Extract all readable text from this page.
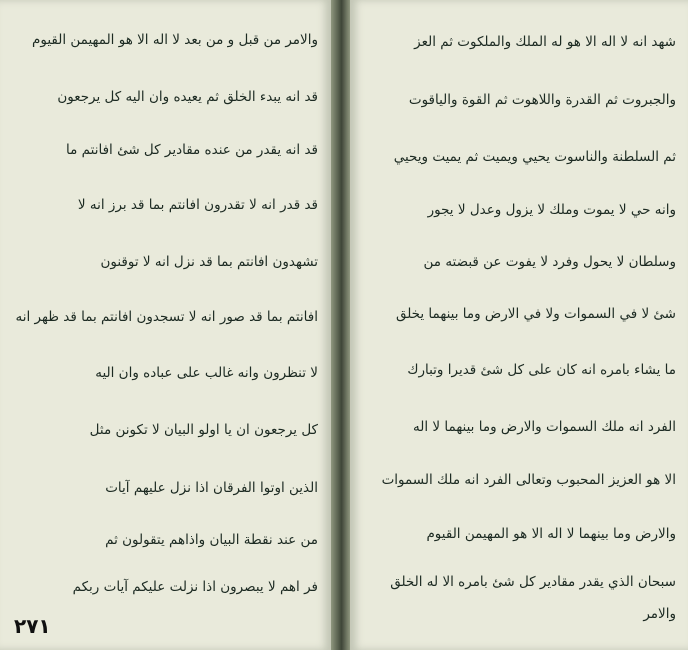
والامر من قبل و من بعد لا اله الا هو المهيمن القيوم
قد انه يبدء الخلق ثم يعيده وان اليه كل يرجعون
قد انه يقدر من عنده مقادير كل شئ افانتم ما
قد قدر انه لا تقدرون افانتم بما قد برز انه لا
تشهدون افانتم بما قد نزل انه لا توقنون
افانتم بما قد صور انه لا تسجدون افانتم بما قد ظهر انه
لا تنظرون وانه غالب على عباده وان اليه
كل يرجعون ان يا اولو البيان لا تكونن مثل
الذين اوتوا الفرقان اذا نزل عليهم آيات
من عند نقطة البيان واذاهم يتقولون ثم
فر اهم لا يبصرون اذا نزلت عليكم آيات ربكم
٢٧١
شهد انه لا اله الا هو له الملك والملكوت ثم العز
والجبروت ثم القدرة واللاهوت ثم القوة والياقوت
ثم السلطنة والناسوت يحيي ويميت ثم يميت ويحيي
وانه حي لا يموت وملك لا يزول وعدل لا يجور
وسلطان لا يحول وفرد لا يفوت عن قبضته من
شئ لا في السموات ولا في الارض وما بينهما يخلق
ما يشاء بامره انه كان على كل شئ قديرا وتبارك
الفرد انه ملك السموات والارض وما بينهما لا اله
الا هو العزيز المحبوب وتعالى الفرد انه ملك السموات
والارض وما بينهما لا اله الا هو المهيمن القيوم
سبحان الذي يقدر مقادير كل شئ بامره الا له الخلق
والامر
